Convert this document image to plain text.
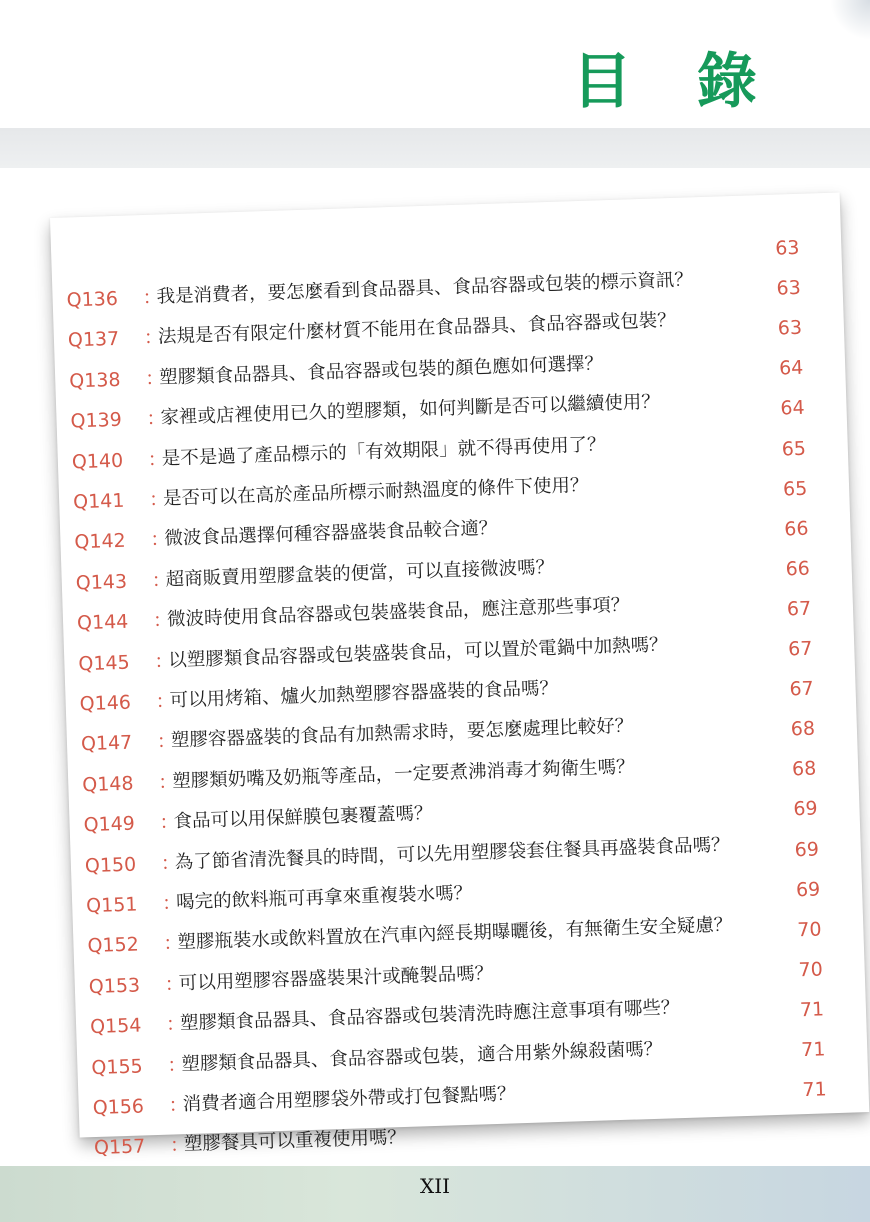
目 錄
Q136	：
我是消費者，要怎麼看到食品器具、食品容器或包裝的標示資訊？
63
Q137	：
法規是否有限定什麼材質不能用在食品器具、食品容器或包裝？
63
Q138	：
塑膠類食品器具、食品容器或包裝的顏色應如何選擇？
63
Q139	：
家裡或店裡使用已久的塑膠類，如何判斷是否可以繼續使用？
64
Q140	：
是不是過了產品標示的「有效期限」就不得再使用了？
64
Q141	：
是否可以在高於產品所標示耐熱溫度的條件下使用？
65
Q142	：
微波食品選擇何種容器盛裝食品較合適？
65
Q143	：
超商販賣用塑膠盒裝的便當，可以直接微波嗎？
66
Q144	：
微波時使用食品容器或包裝盛裝食品，應注意那些事項？
66
Q145	：
以塑膠類食品容器或包裝盛裝食品，可以置於電鍋中加熱嗎？
67
Q146	：
可以用烤箱、爐火加熱塑膠容器盛裝的食品嗎？
67
Q147	：
塑膠容器盛裝的食品有加熱需求時，要怎麼處理比較好？
67
Q148	：
塑膠類奶嘴及奶瓶等產品，一定要煮沸消毒才夠衛生嗎？
68
Q149	：
食品可以用保鮮膜包裹覆蓋嗎？
68
Q150	：
為了節省清洗餐具的時間，可以先用塑膠袋套住餐具再盛裝食品嗎？
69
Q151	：
喝完的飲料瓶可再拿來重複裝水嗎？
69
Q152	：
塑膠瓶裝水或飲料置放在汽車內經長期曝曬後，有無衛生安全疑慮？
69
Q153	：
可以用塑膠容器盛裝果汁或醃製品嗎？
70
Q154	：
塑膠類食品器具、食品容器或包裝清洗時應注意事項有哪些？
70
Q155	：
塑膠類食品器具、食品容器或包裝，適合用紫外線殺菌嗎？
71
Q156	：
消費者適合用塑膠袋外帶或打包餐點嗎？
71
Q157	：
塑膠餐具可以重複使用嗎？
71
XII
